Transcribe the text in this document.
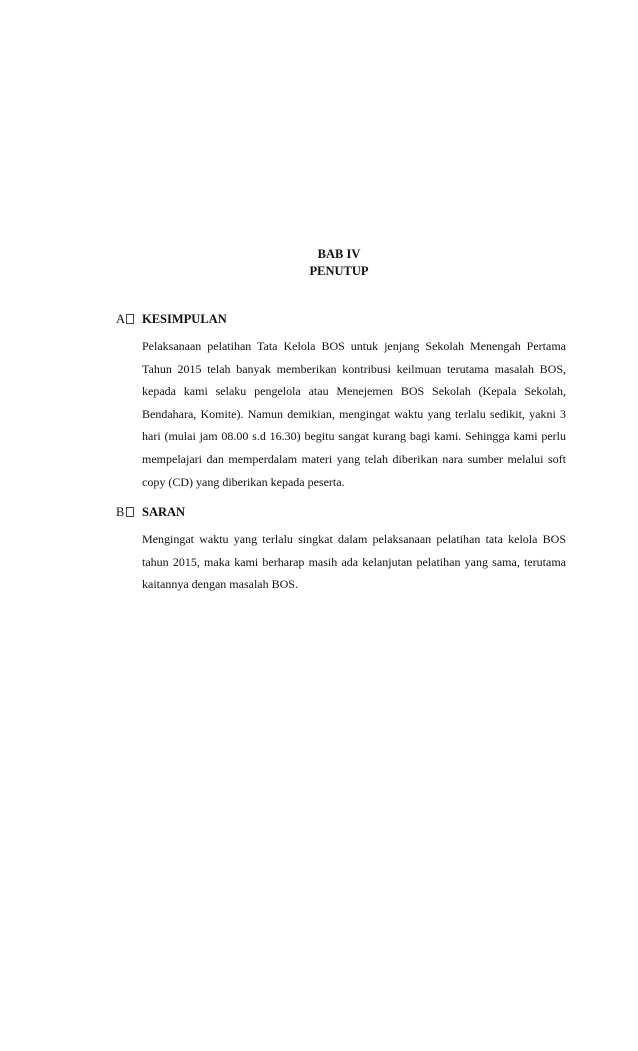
BAB IV
PENUTUP
A KESIMPULAN
Pelaksanaan pelatihan Tata Kelola BOS untuk jenjang Sekolah Menengah Pertama Tahun 2015 telah banyak memberikan kontribusi keilmuan terutama masalah BOS, kepada kami selaku pengelola atau Menejemen BOS Sekolah (Kepala Sekolah, Bendahara, Komite). Namun demikian, mengingat waktu yang terlalu sedikit, yakni 3 hari (mulai jam 08.00 s.d 16.30) begitu sangat kurang bagi kami. Sehingga kami perlu mempelajari dan memperdalam materi yang telah diberikan nara sumber melalui soft copy (CD) yang diberikan kepada peserta.
B SARAN
Mengingat waktu yang terlalu singkat dalam pelaksanaan pelatihan tata kelola BOS tahun 2015, maka kami berharap masih ada kelanjutan pelatihan yang sama, terutama kaitannya dengan masalah BOS.
